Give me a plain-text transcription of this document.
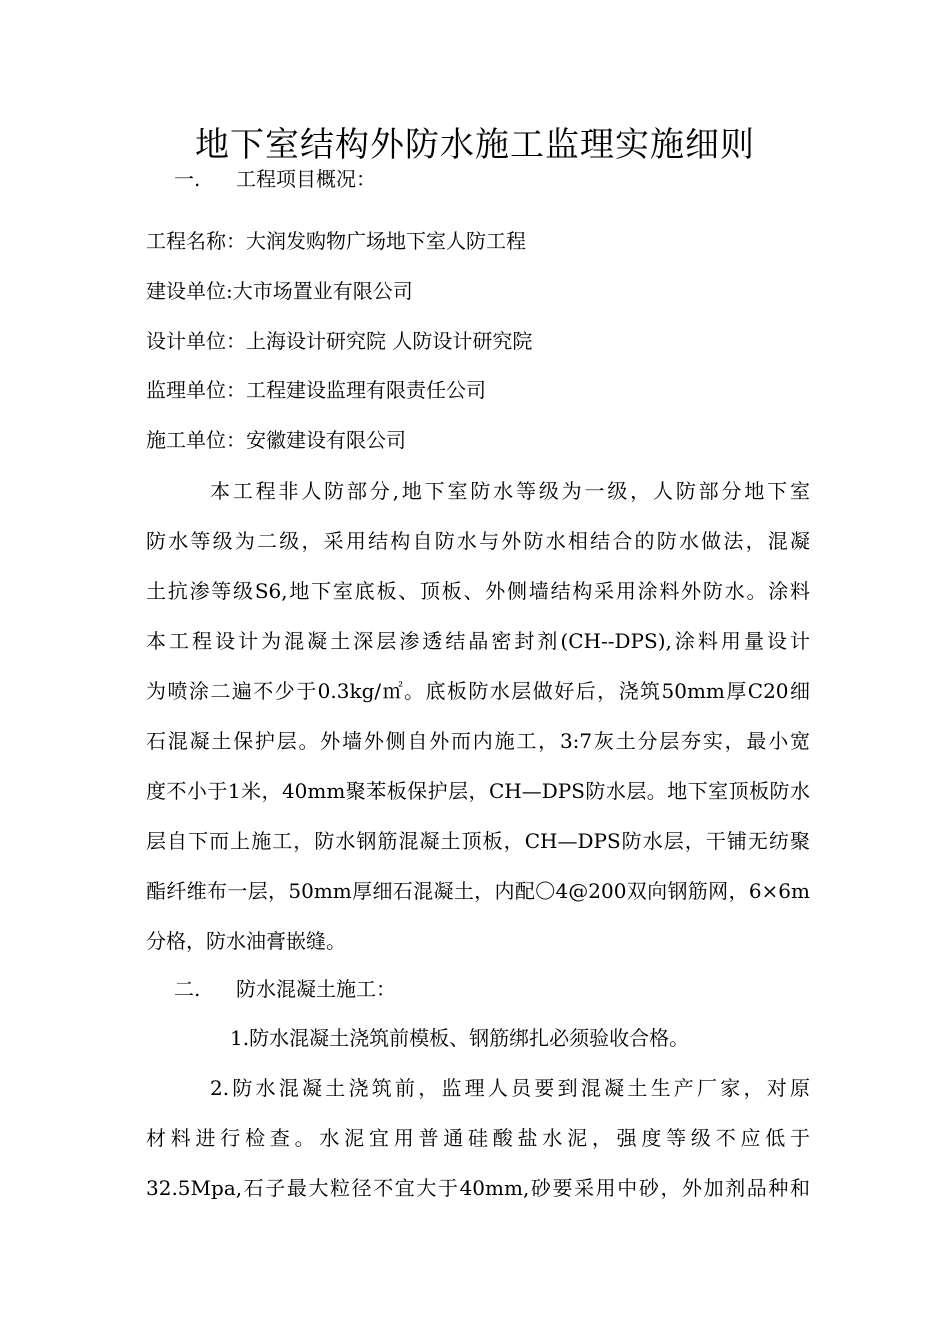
地下室结构外防水施工监理实施细则
一. 工程项目概况：
工程名称：大润发购物广场地下室人防工程
建设单位:大市场置业有限公司
设计单位：上海设计研究院 人防设计研究院
监理单位：工程建设监理有限责任公司
施工单位：安徽建设有限公司
本工程非人防部分,地下室防水等级为一级，人防部分地下室
防水等级为二级，采用结构自防水与外防水相结合的防水做法，混凝
土抗渗等级S6,地下室底板、顶板、外侧墙结构采用涂料外防水。涂料
本工程设计为混凝土深层渗透结晶密封剂(CH--DPS),涂料用量设计
为喷涂二遍不少于0.3kg/㎡。底板防水层做好后，浇筑50mm厚C20细
石混凝土保护层。外墙外侧自外而内施工，3:7灰土分层夯实，最小宽
度不小于1米，40mm聚苯板保护层，CH—DPS防水层。地下室顶板防水
层自下而上施工，防水钢筋混凝土顶板，CH—DPS防水层，干铺无纺聚
酯纤维布一层，50mm厚细石混凝土，内配〇4@200双向钢筋网，6×6m
分格，防水油膏嵌缝。
二. 防水混凝土施工：
1.防水混凝土浇筑前模板、钢筋绑扎必须验收合格。
2.防水混凝土浇筑前，监理人员要到混凝土生产厂家，对原
材料进行检查。水泥宜用普通硅酸盐水泥，强度等级不应低于
32.5Mpa,石子最大粒径不宜大于40mm,砂要采用中砂，外加剂品种和
